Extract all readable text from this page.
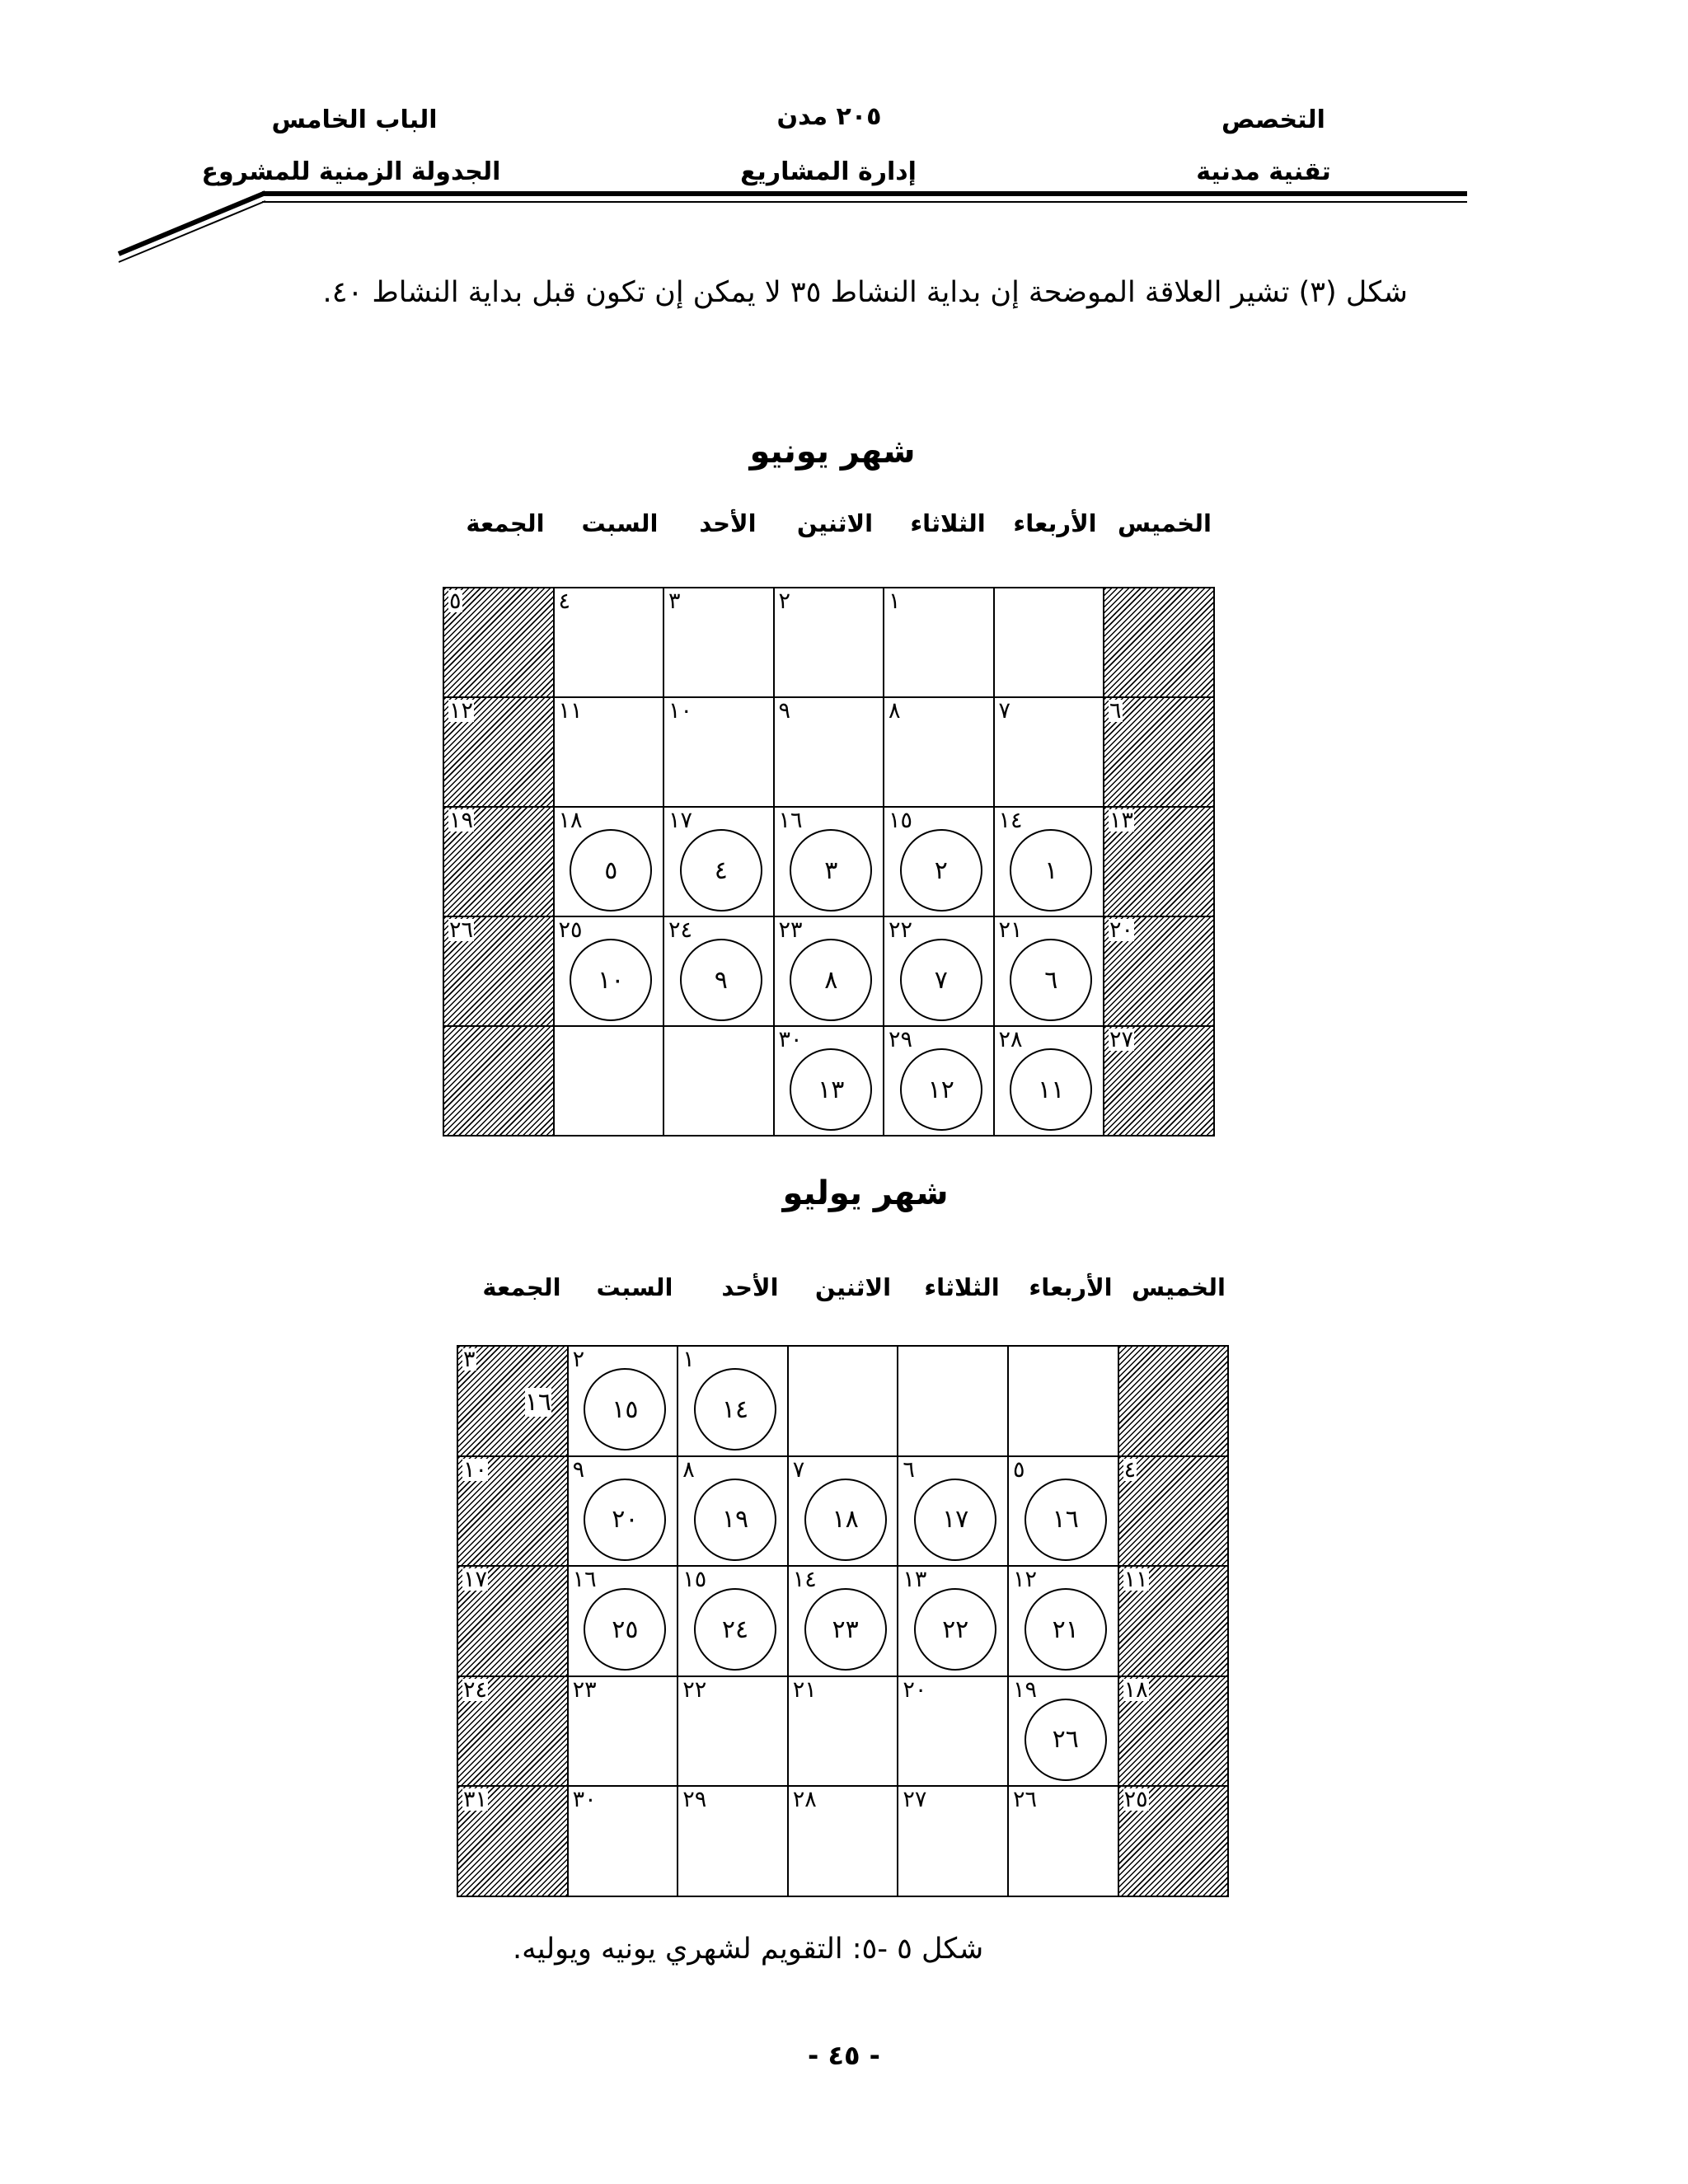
التخصص
تقنية مدنية
٢٠٥ مدن
إدارة المشاريع
الباب الخامس
الجدولة الزمنية للمشروع
شكل (٣) تشير العلاقة الموضحة إن بداية النشاط ٣٥ لا يمكن إن تكون قبل بداية النشاط ٤٠.
شهر يونيو
الخميس
الأربعاء
الثلاثاء
الاثنين
الأحد
السبت
الجمعة
١
٢
٣
٤
٥
٦
٧
٨
٩
١٠
١١
١٢
١٣
١٤
١
١٥
٢
١٦
٣
١٧
٤
١٨
٥
١٩
٢٠
٢١
٦
٢٢
٧
٢٣
٨
٢٤
٩
٢٥
١٠
٢٦
٢٧
٢٨
١١
٢٩
١٢
٣٠
١٣
شهر يوليو
الخميس
الأربعاء
الثلاثاء
الاثنين
الأحد
السبت
الجمعة
١
١٤
٢
١٥
٣
١٦
٤
٥
١٦
٦
١٧
٧
١٨
٨
١٩
٩
٢٠
١٠
١١
١٢
٢١
١٣
٢٢
١٤
٢٣
١٥
٢٤
١٦
٢٥
١٧
١٨
١٩
٢٦
٢٠
٢١
٢٢
٢٣
٢٤
٢٥
٢٦
٢٧
٢٨
٢٩
٣٠
٣١
شكل ٥ -٥: التقويم لشهري يونيه ويوليه.
- ٤٥ -
